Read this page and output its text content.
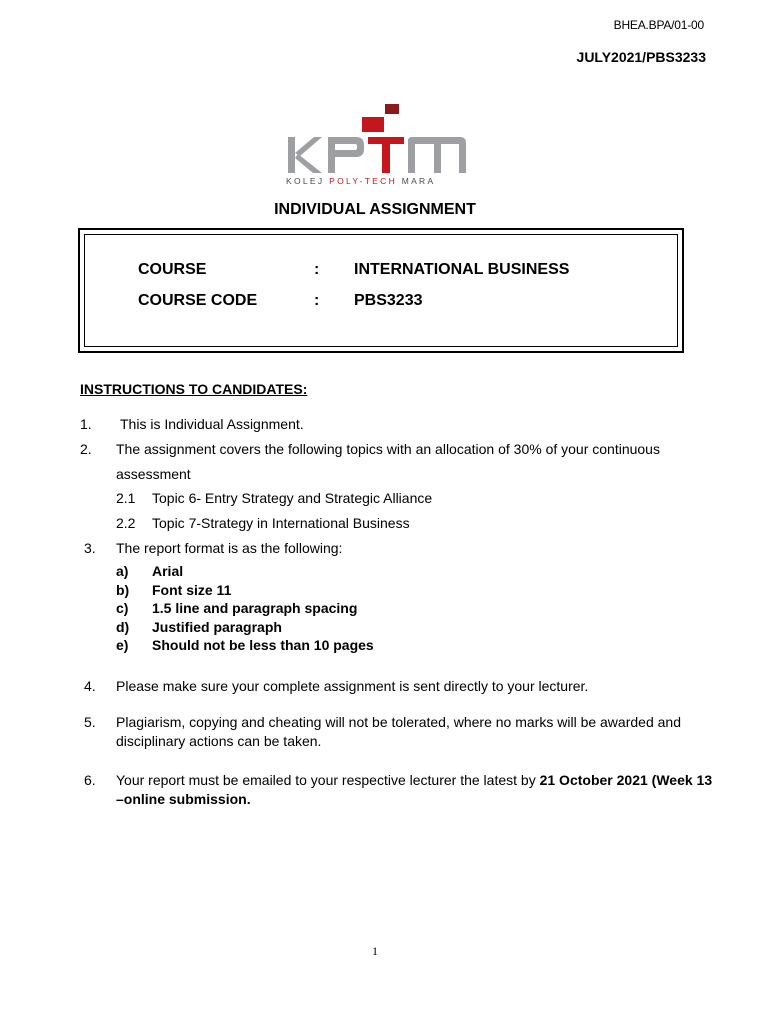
BHEA.BPA/01-00
JULY2021/PBS3233
KOLEJ POLY-TECH MARA
INDIVIDUAL ASSIGNMENT
COURSE	: INTERNATIONAL BUSINESS
COURSE CODE	: PBS3233
INSTRUCTIONS TO CANDIDATES:
1. This is Individual Assignment.
2. The assignment covers the following topics with an allocation of 30% of your continuous
assessment
2.1 Topic 6- Entry Strategy and Strategic Alliance
2.2 Topic 7-Strategy in International Business
3. The report format is as the following:
a) Arial
b) Font size 11
c) 1.5 line and paragraph spacing
d) Justified paragraph
e) Should not be less than 10 pages
4. Please make sure your complete assignment is sent directly to your lecturer.
5. Plagiarism, copying and cheating will not be tolerated, where no marks will be awarded and
disciplinary actions can be taken.
6. Your report must be emailed to your respective lecturer the latest by 21 October 2021 (Week 13
–online submission.
1
